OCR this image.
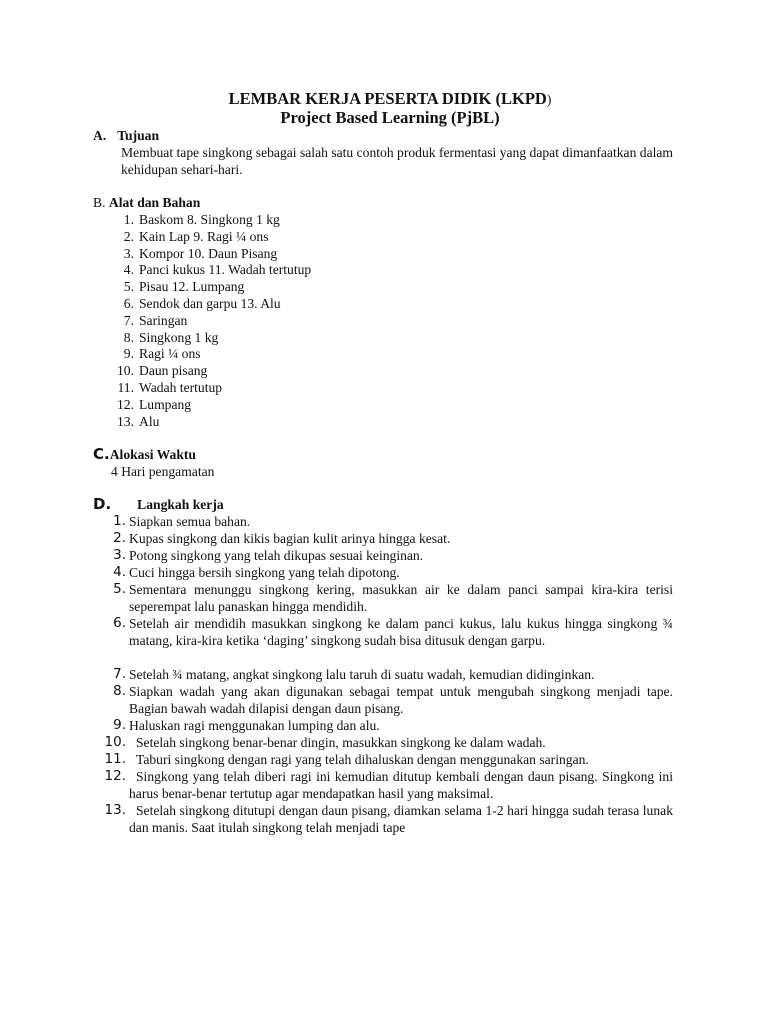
LEMBAR KERJA PESERTA DIDIK (LKPD)
Project Based Learning (PjBL)
A. Tujuan
Membuat tape singkong sebagai salah satu contoh produk fermentasi yang dapat dimanfaatkan dalam kehidupan sehari-hari.
B. Alat dan Bahan
1. Baskom 8. Singkong 1 kg
2. Kain Lap 9. Ragi ¼ ons
3. Kompor 10. Daun Pisang
4. Panci kukus 11. Wadah tertutup
5. Pisau 12. Lumpang
6. Sendok dan garpu 13. Alu
7. Saringan
8. Singkong 1 kg
9. Ragi ¼ ons
10. Daun pisang
11. Wadah tertutup
12. Lumpang
13. Alu
C.Alokasi Waktu
4 Hari pengamatan
D. Langkah kerja
1. Siapkan semua bahan.
2. Kupas singkong dan kikis bagian kulit arinya hingga kesat.
3. Potong singkong yang telah dikupas sesuai keinginan.
4. Cuci hingga bersih singkong yang telah dipotong.
5. Sementara menunggu singkong kering, masukkan air ke dalam panci sampai kira-kira terisi seperempat lalu panaskan hingga mendidih.
6. Setelah air mendidih masukkan singkong ke dalam panci kukus, lalu kukus hingga singkong ¾ matang, kira-kira ketika ‘daging’ singkong sudah bisa ditusuk dengan garpu.
7. Setelah ¾ matang, angkat singkong lalu taruh di suatu wadah, kemudian didinginkan.
8. Siapkan wadah yang akan digunakan sebagai tempat untuk mengubah singkong menjadi tape. Bagian bawah wadah dilapisi dengan daun pisang.
9. Haluskan ragi menggunakan lumping dan alu.
10. Setelah singkong benar-benar dingin, masukkan singkong ke dalam wadah.
11. Taburi singkong dengan ragi yang telah dihaluskan dengan menggunakan saringan.
12. Singkong yang telah diberi ragi ini kemudian ditutup kembali dengan daun pisang. Singkong ini harus benar-benar tertutup agar mendapatkan hasil yang maksimal.
13. Setelah singkong ditutupi dengan daun pisang, diamkan selama 1-2 hari hingga sudah terasa lunak dan manis. Saat itulah singkong telah menjadi tape
